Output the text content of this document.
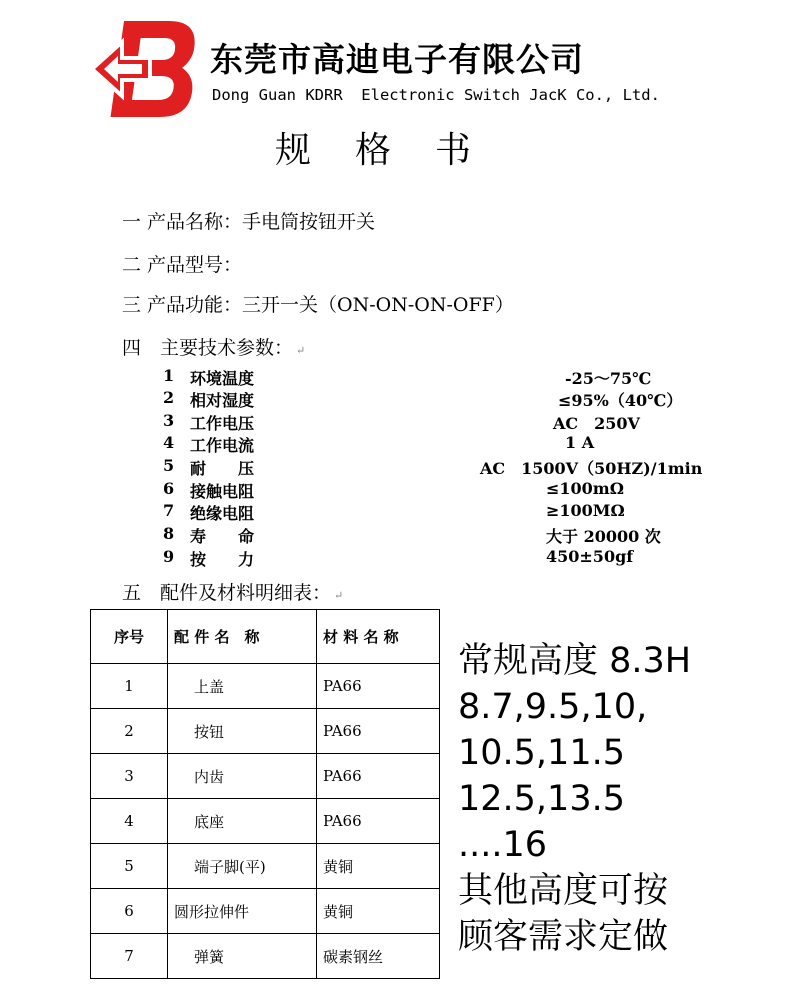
东莞市高迪电子有限公司
Dong Guan KDRR  Electronic Switch JacK Co., Ltd.
规 格 书
一 产品名称：手电筒按钮开关
二 产品型号：
三 产品功能：三开一关（ON-ON-ON-OFF）
四　主要技术参数： ↵
1 环境温度	-25～75℃
2 相对湿度	≤95%（40℃）
3 工作电压	AC　250V
4 工作电流	1 A
5 耐　　压	AC　1500V（50HZ)/1min
6 接触电阻	≤100mΩ
7 绝缘电阻	≥100MΩ
8 寿　　命	大于 20000 次
9 按　　力	450±50gf
五　配件及材料明细表： ↵
序号	配 件 名　称	材 料 名 称
1	上盖	PA66
2	按钮	PA66
3	内齿	PA66
4	底座	PA66
5	端子脚(平)	黄铜
6	圆形拉伸件	黄铜
7	弹簧	碳素钢丝
常规高度 8.3H
8.7,9.5,10,
10.5,11.5
12.5,13.5
....16
其他高度可按
顾客需求定做
